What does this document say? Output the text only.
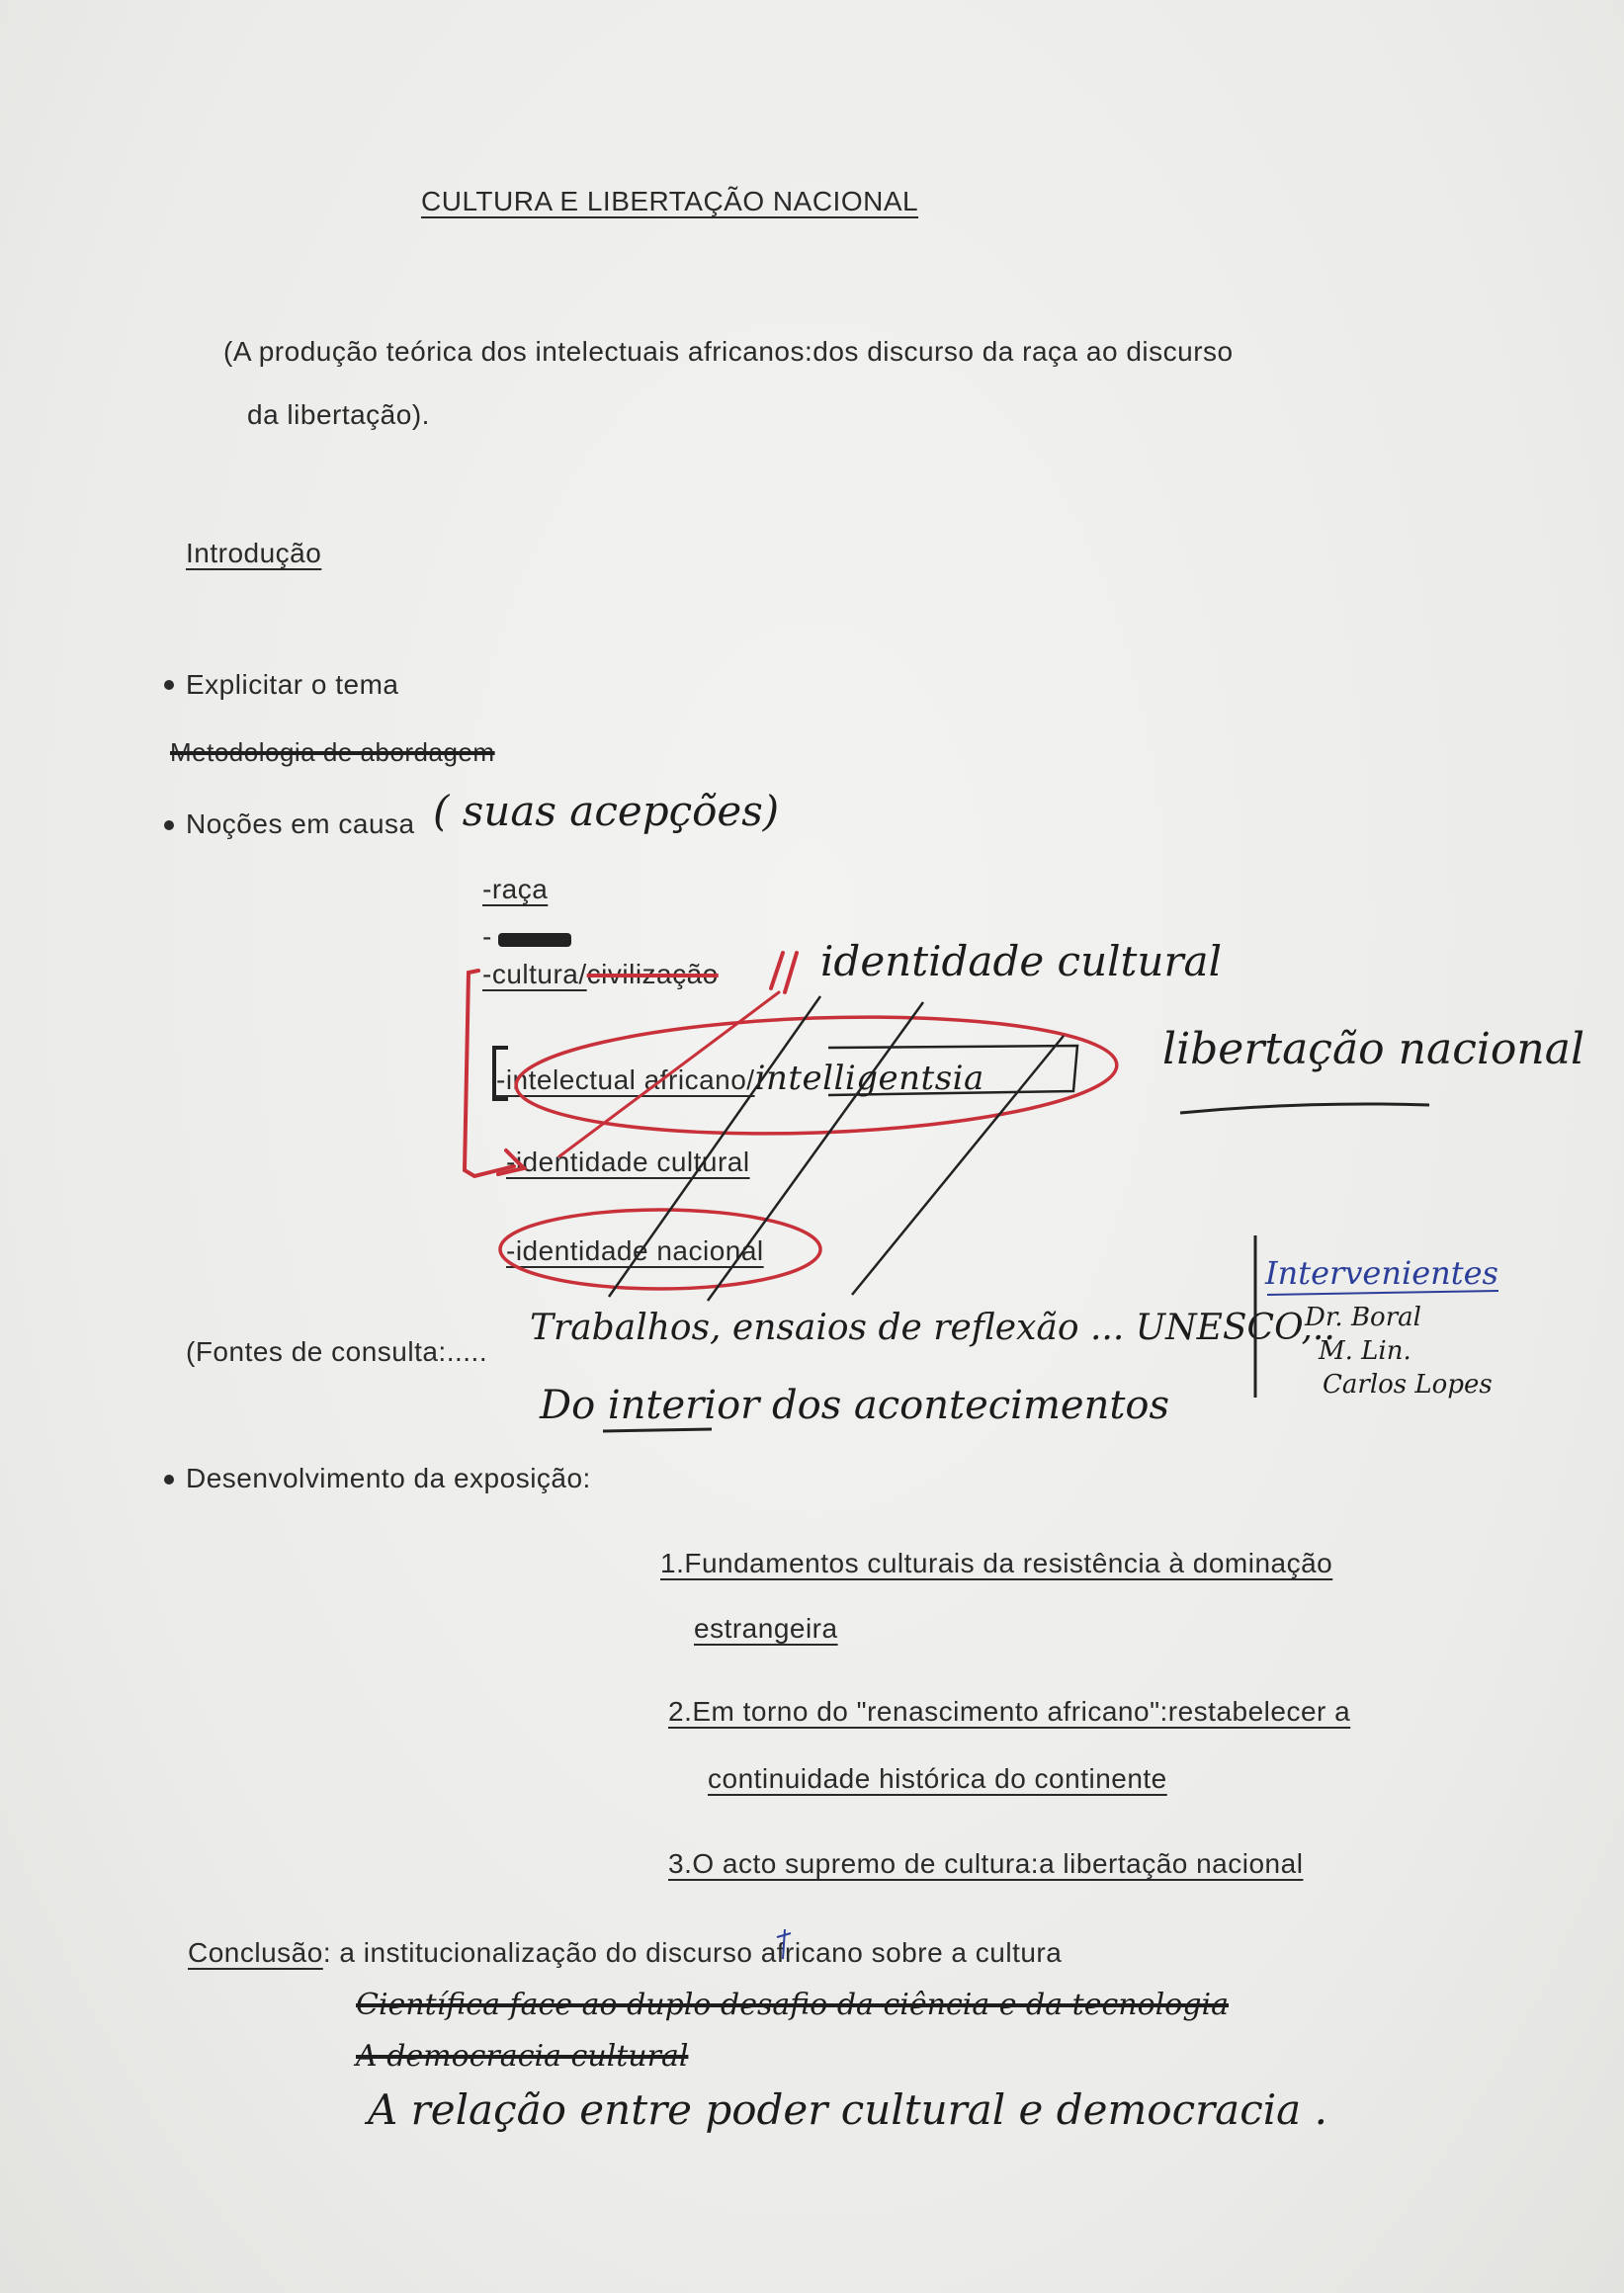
CULTURA E LIBERTAÇÃO NACIONAL
(A produção teórica dos intelectuais africanos:dos discurso da raça ao discurso
da libertação).
Introdução
Explicitar o tema
Metodologia de abordagem
Noções em causa ( suas acepções)
-raça
-
-cultura/civilização identidade cultural
-intelectual africano/intelligentsia
libertação nacional
-identidade cultural
-identidade nacional
(Fontes de consulta:.....
Trabalhos, ensaios de reflexão ... UNESCO,..
Do interior dos acontecimentos
Intervenientes
Dr. Boral
M. Lin.
Carlos Lopes
Desenvolvimento da exposição:
1.Fundamentos culturais da resistência à dominação
estrangeira
2.Em torno do "renascimento africano":restabelecer a
continuidade histórica do continente
3.O acto supremo de cultura:a libertação nacional
Conclusão: a institucionalização do discurso africano sobre a cultura
Científica face ao duplo desafio da ciência e da tecnologia
A democracia cultural
A relação entre poder cultural e democracia .
